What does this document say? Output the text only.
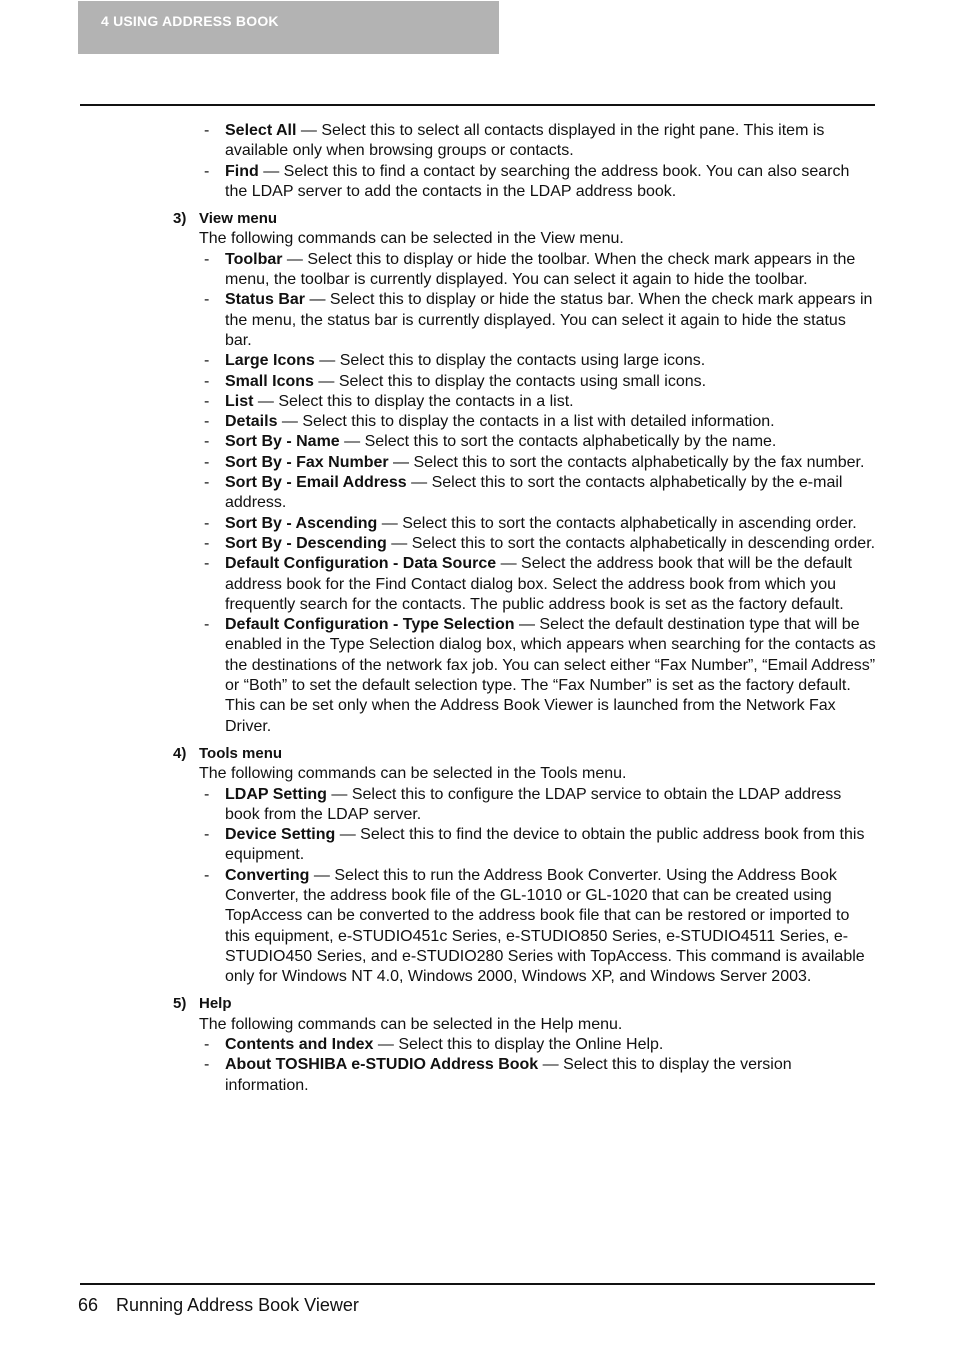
4 USING ADDRESS BOOK
- Select All — Select this to select all contacts displayed in the right pane. This item is available only when browsing groups or contacts.
- Find — Select this to find a contact by searching the address book. You can also search the LDAP server to add the contacts in the LDAP address book.
3) View menu
The following commands can be selected in the View menu.
- Toolbar — Select this to display or hide the toolbar. When the check mark appears in the menu, the toolbar is currently displayed. You can select it again to hide the toolbar.
- Status Bar — Select this to display or hide the status bar. When the check mark appears in the menu, the status bar is currently displayed. You can select it again to hide the status bar.
- Large Icons — Select this to display the contacts using large icons.
- Small Icons — Select this to display the contacts using small icons.
- List — Select this to display the contacts in a list.
- Details — Select this to display the contacts in a list with detailed information.
- Sort By - Name — Select this to sort the contacts alphabetically by the name.
- Sort By - Fax Number — Select this to sort the contacts alphabetically by the fax number.
- Sort By - Email Address — Select this to sort the contacts alphabetically by the e-mail address.
- Sort By - Ascending — Select this to sort the contacts alphabetically in ascending order.
- Sort By - Descending — Select this to sort the contacts alphabetically in descending order.
- Default Configuration - Data Source — Select the address book that will be the default address book for the Find Contact dialog box. Select the address book from which you frequently search for the contacts. The public address book is set as the factory default.
- Default Configuration - Type Selection — Select the default destination type that will be enabled in the Type Selection dialog box, which appears when searching for the contacts as the destinations of the network fax job. You can select either “Fax Number”, “Email Address” or “Both” to set the default selection type. The “Fax Number” is set as the factory default. This can be set only when the Address Book Viewer is launched from the Network Fax Driver.
4) Tools menu
The following commands can be selected in the Tools menu.
- LDAP Setting — Select this to configure the LDAP service to obtain the LDAP address book from the LDAP server.
- Device Setting — Select this to find the device to obtain the public address book from this equipment.
- Converting — Select this to run the Address Book Converter. Using the Address Book Converter, the address book file of the GL-1010 or GL-1020 that can be created using TopAccess can be converted to the address book file that can be restored or imported to this equipment, e-STUDIO451c Series, e-STUDIO850 Series, e-STUDIO4511 Series, e-STUDIO450 Series, and e-STUDIO280 Series with TopAccess. This command is available only for Windows NT 4.0, Windows 2000, Windows XP, and Windows Server 2003.
5) Help
The following commands can be selected in the Help menu.
- Contents and Index — Select this to display the Online Help.
- About TOSHIBA e-STUDIO Address Book — Select this to display the version information.
66 Running Address Book Viewer
